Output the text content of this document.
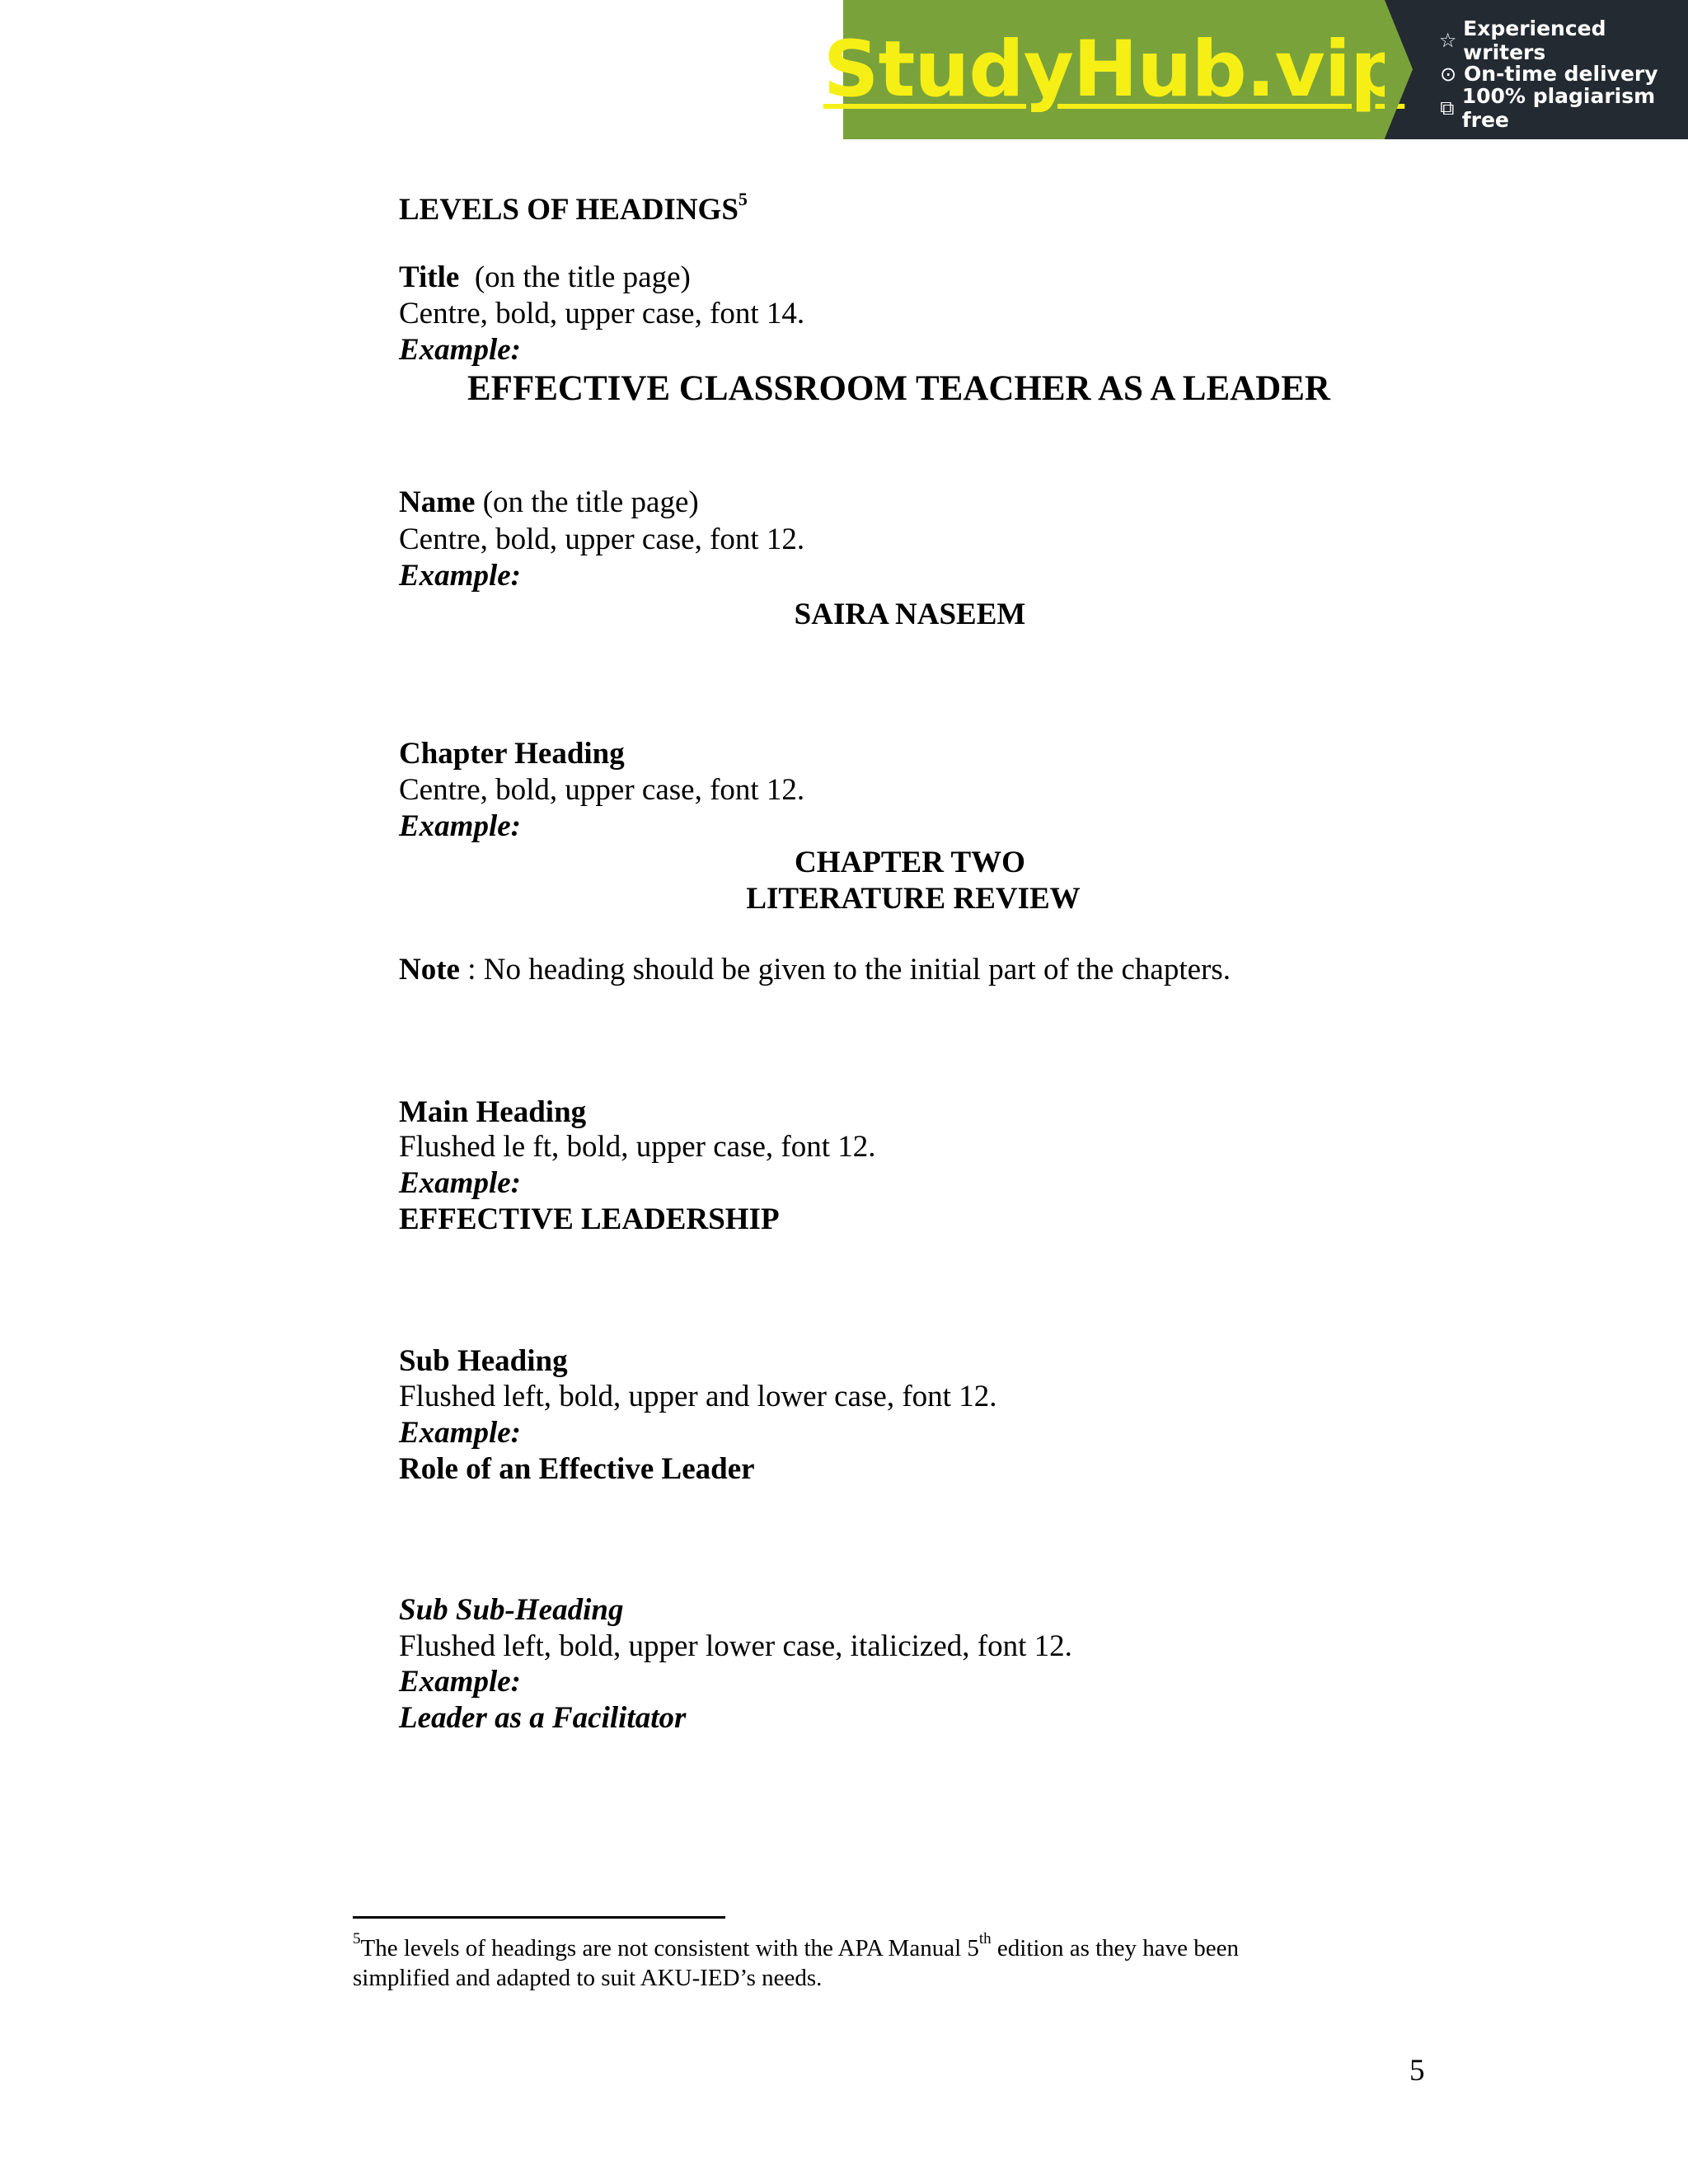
StudyHub.vip ☆ Experienced writers
⊙ On-time delivery
⧉ 100% plagiarism free
LEVELS OF HEADINGS$^5$
Title (on the title page)
Centre, bold, upper case, font 14.
Example:
EFFECTIVE CLASSROOM TEACHER AS A LEADER
Name (on the title page)
Centre, bold, upper case, font 12.
Example:
SAIRA NASEEM
Chapter Heading
Centre, bold, upper case, font 12.
Example:
CHAPTER TWO
LITERATURE REVIEW
Note : No heading should be given to the initial part of the chapters.
Main Heading
Flushed le ft, bold, upper case, font 12.
Example:
EFFECTIVE LEADERSHIP
Sub Heading
Flushed left, bold, upper and lower case, font 12.
Example:
Role of an Effective Leader
Sub Sub-Heading
Flushed left, bold, upper lower case, italicized, font 12.
Example:
Leader as a Facilitator
$^5$The levels of headings are not consistent with the APA Manual 5th edition as they have been
simplified and adapted to suit AKU-IED’s needs.
5
